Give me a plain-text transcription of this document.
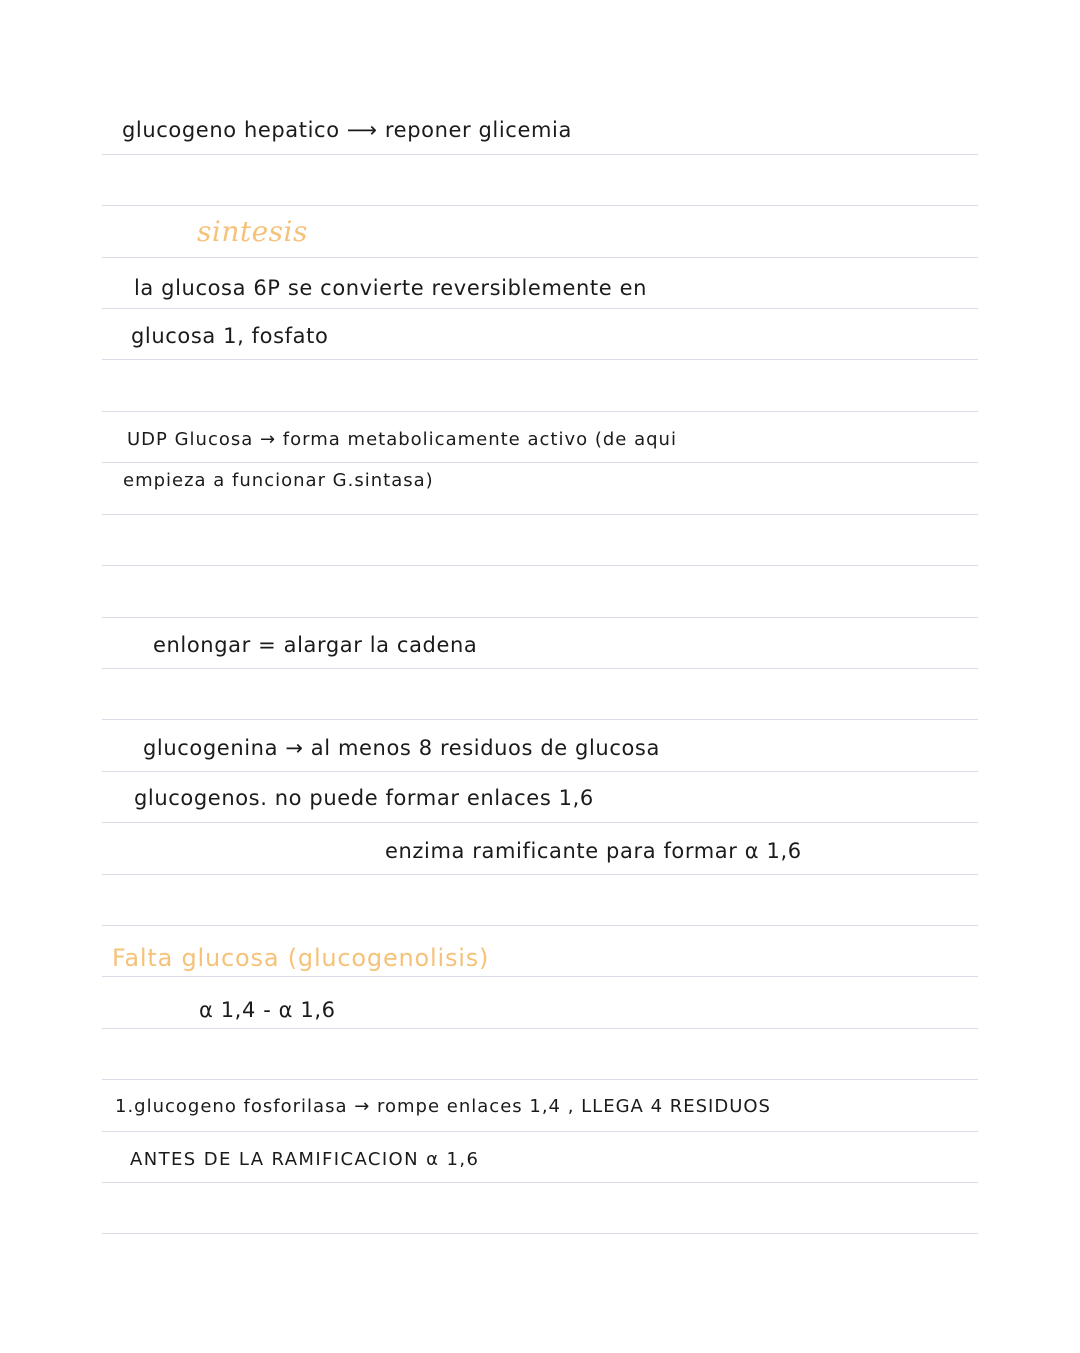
glucogeno hepatico ⟶ reponer glicemia
sintesis
la glucosa 6P se convierte reversiblemente en
glucosa 1, fosfato
UDP Glucosa → forma metabolicamente activo (de aqui
empieza a funcionar G.sintasa)
enlongar = alargar la cadena
glucogenina → al menos 8 residuos de glucosa
glucogenos. no puede formar enlaces 1,6
enzima ramificante para formar α 1,6
Falta glucosa (glucogenolisis)
α 1,4 - α 1,6
1.glucogeno fosforilasa → rompe enlaces 1,4 , LLEGA 4 RESIDUOS
ANTES DE LA RAMIFICACION α 1,6
